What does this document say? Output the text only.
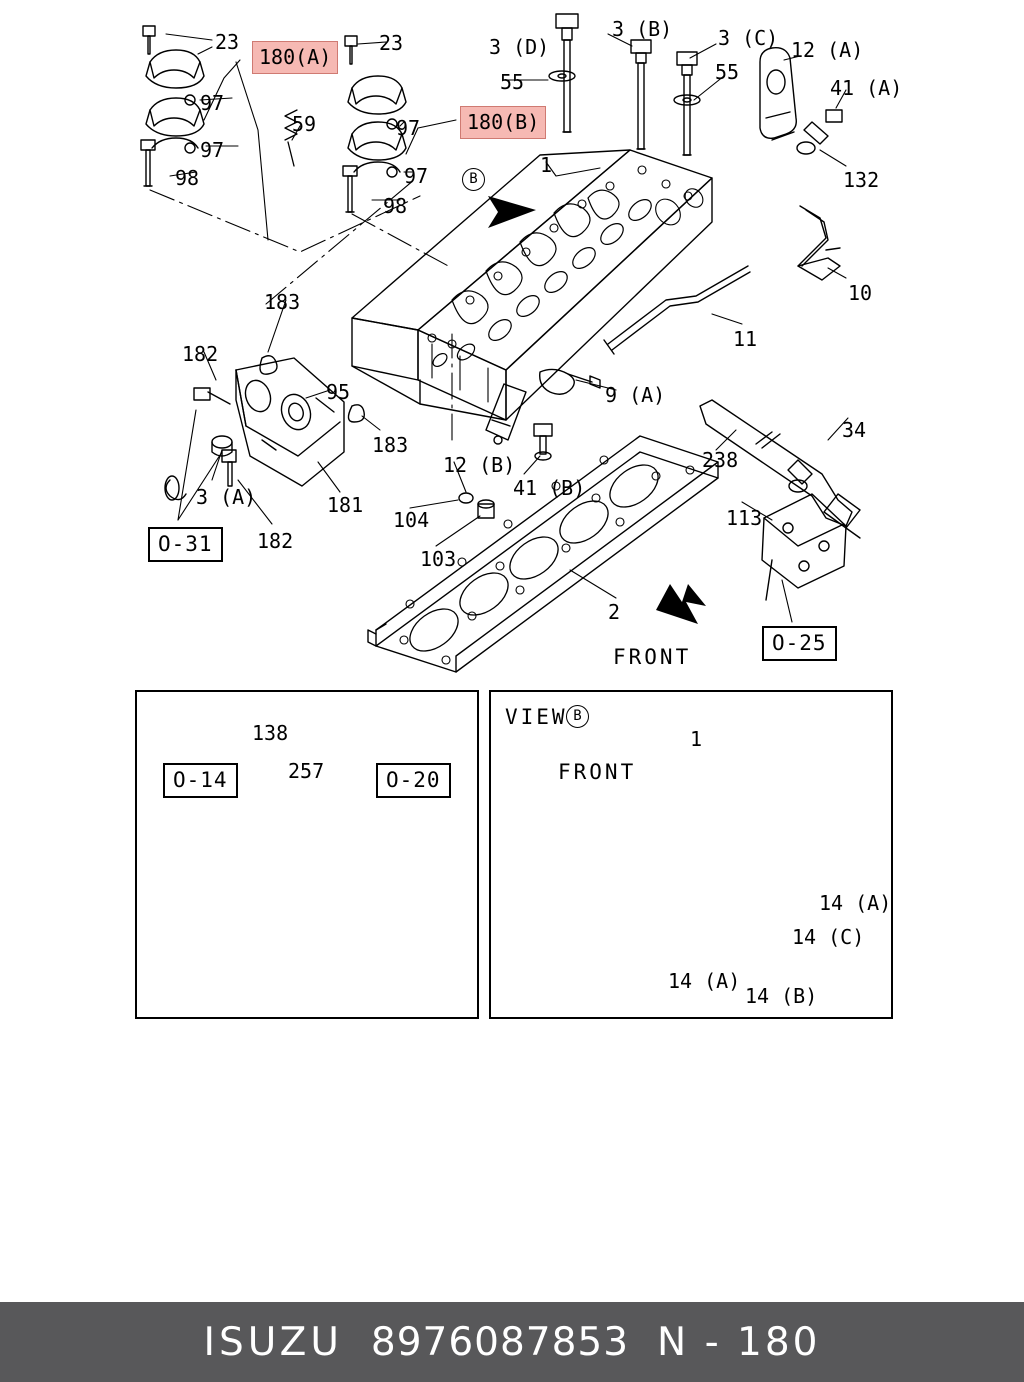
23
180(A)
23	3 (D)
3 (B) 3 (C) 12 (A)
41 (A)
55	55
97
97	180(B)
97
97
59
98
98
1
132
10
11
183
182
95
183
9 (A)
34
238
12 (B)
41 (B)
3 (A)	181
104	113
182
103
2
138
257
1
14 (A)
14 (C)
14 (A)
14 (B)
O-31
O-25
O-14	O-20
FRONT
FRONT
VIEW B
B
ISUZU 8976087853 N - 180
